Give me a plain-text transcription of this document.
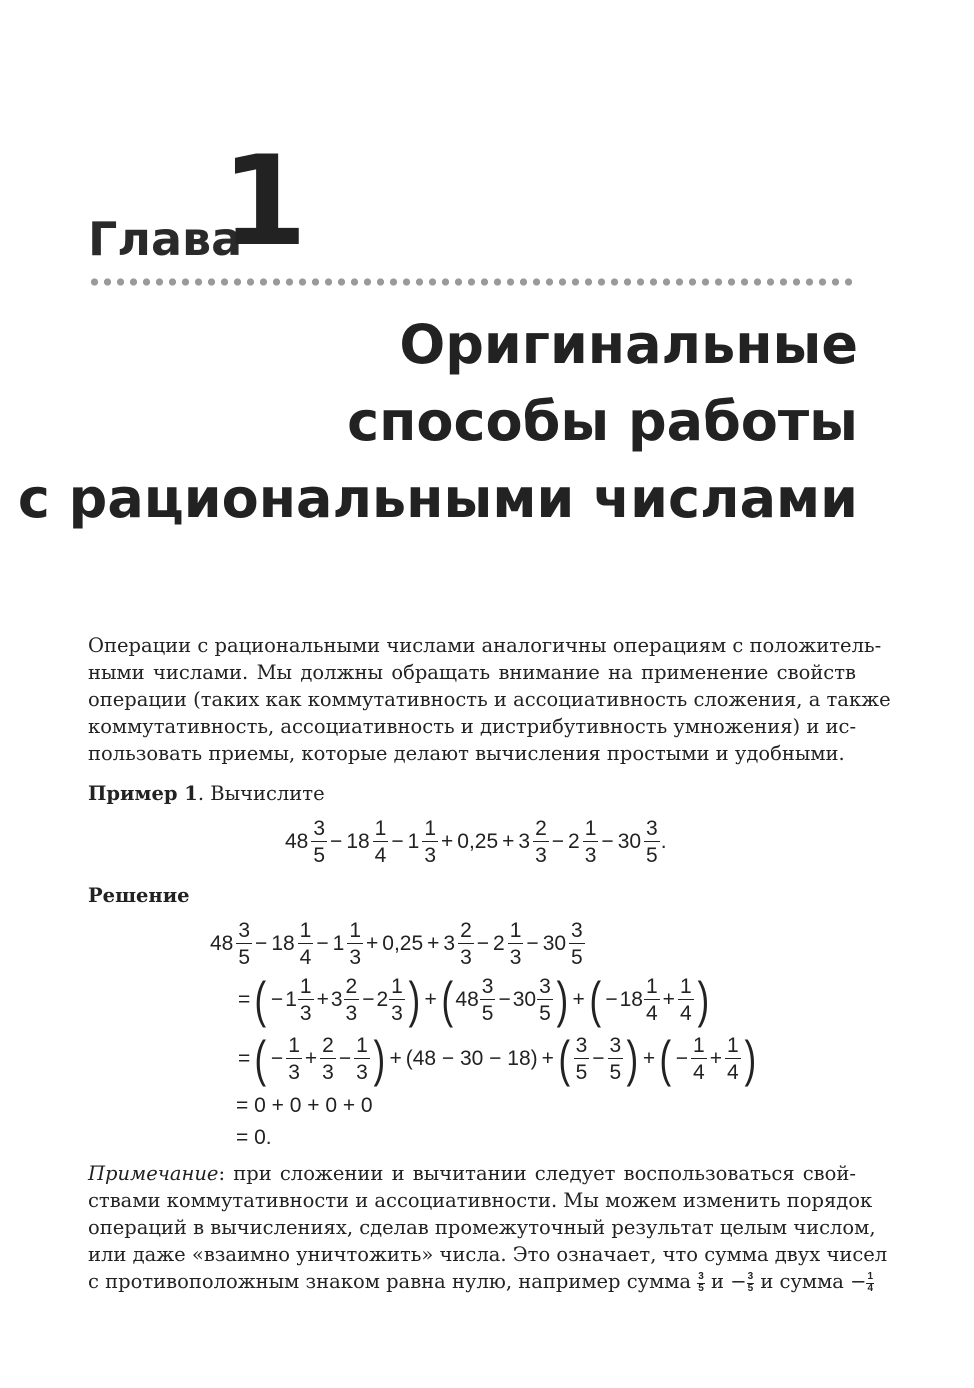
Глава
1
Оригинальные
способы работы
с рациональными числами
Операции с рациональными числами аналогичны операциям с положитель-
ными числами. Мы должны обращать внимание на применение свойств
операции (таких как коммутативность и ассоциативность сложения, а также
коммутативность, ассоциативность и дистрибутивность умножения) и ис-
пользовать приемы, которые делают вычисления простыми и удобными.
Пример 1. Вычислите
$48 \frac{3}{5} - 18 \frac{1}{4} - 1 \frac{1}{3} + 0,25 + 3 \frac{2}{3} - 2 \frac{1}{3} - 30 \frac{3}{5}$ .
Решение
$48 \frac{3}{5} - 18 \frac{1}{4} - 1 \frac{1}{3} + 0,25 + 3 \frac{2}{3} - 2 \frac{1}{3} - 30 \frac{3}{5}$
= ( − $1 \frac{1}{3} + 3 \frac{2}{3} - 2 \frac{1}{3}$ ) + ( $48 \frac{3}{5} - 30 \frac{3}{5}$ ) + ( − $18 \frac{1}{4} + \frac{1}{4}$ )
= ( − $\frac{1}{3} + \frac{2}{3} - \frac{1}{3}$ ) + (48 − 30 − 18) + ( $\frac{3}{5} - \frac{3}{5}$ ) + ( − $\frac{1}{4} + \frac{1}{4}$ )
= 0 + 0 + 0 + 0
= 0.
Примечание: при сложении и вычитании следует воспользоваться свой-
ствами коммутативности и ассоциативности. Мы можем изменить порядок
операций в вычислениях, сделав промежуточный результат целым числом,
или даже «взаимно уничтожить» числа. Это означает, что сумма двух чисел
с противоположным знаком равна нулю, например сумма $\frac{3}{5}$ $и - \frac{3}{5}$ и сумма − $\frac{1}{4}$
